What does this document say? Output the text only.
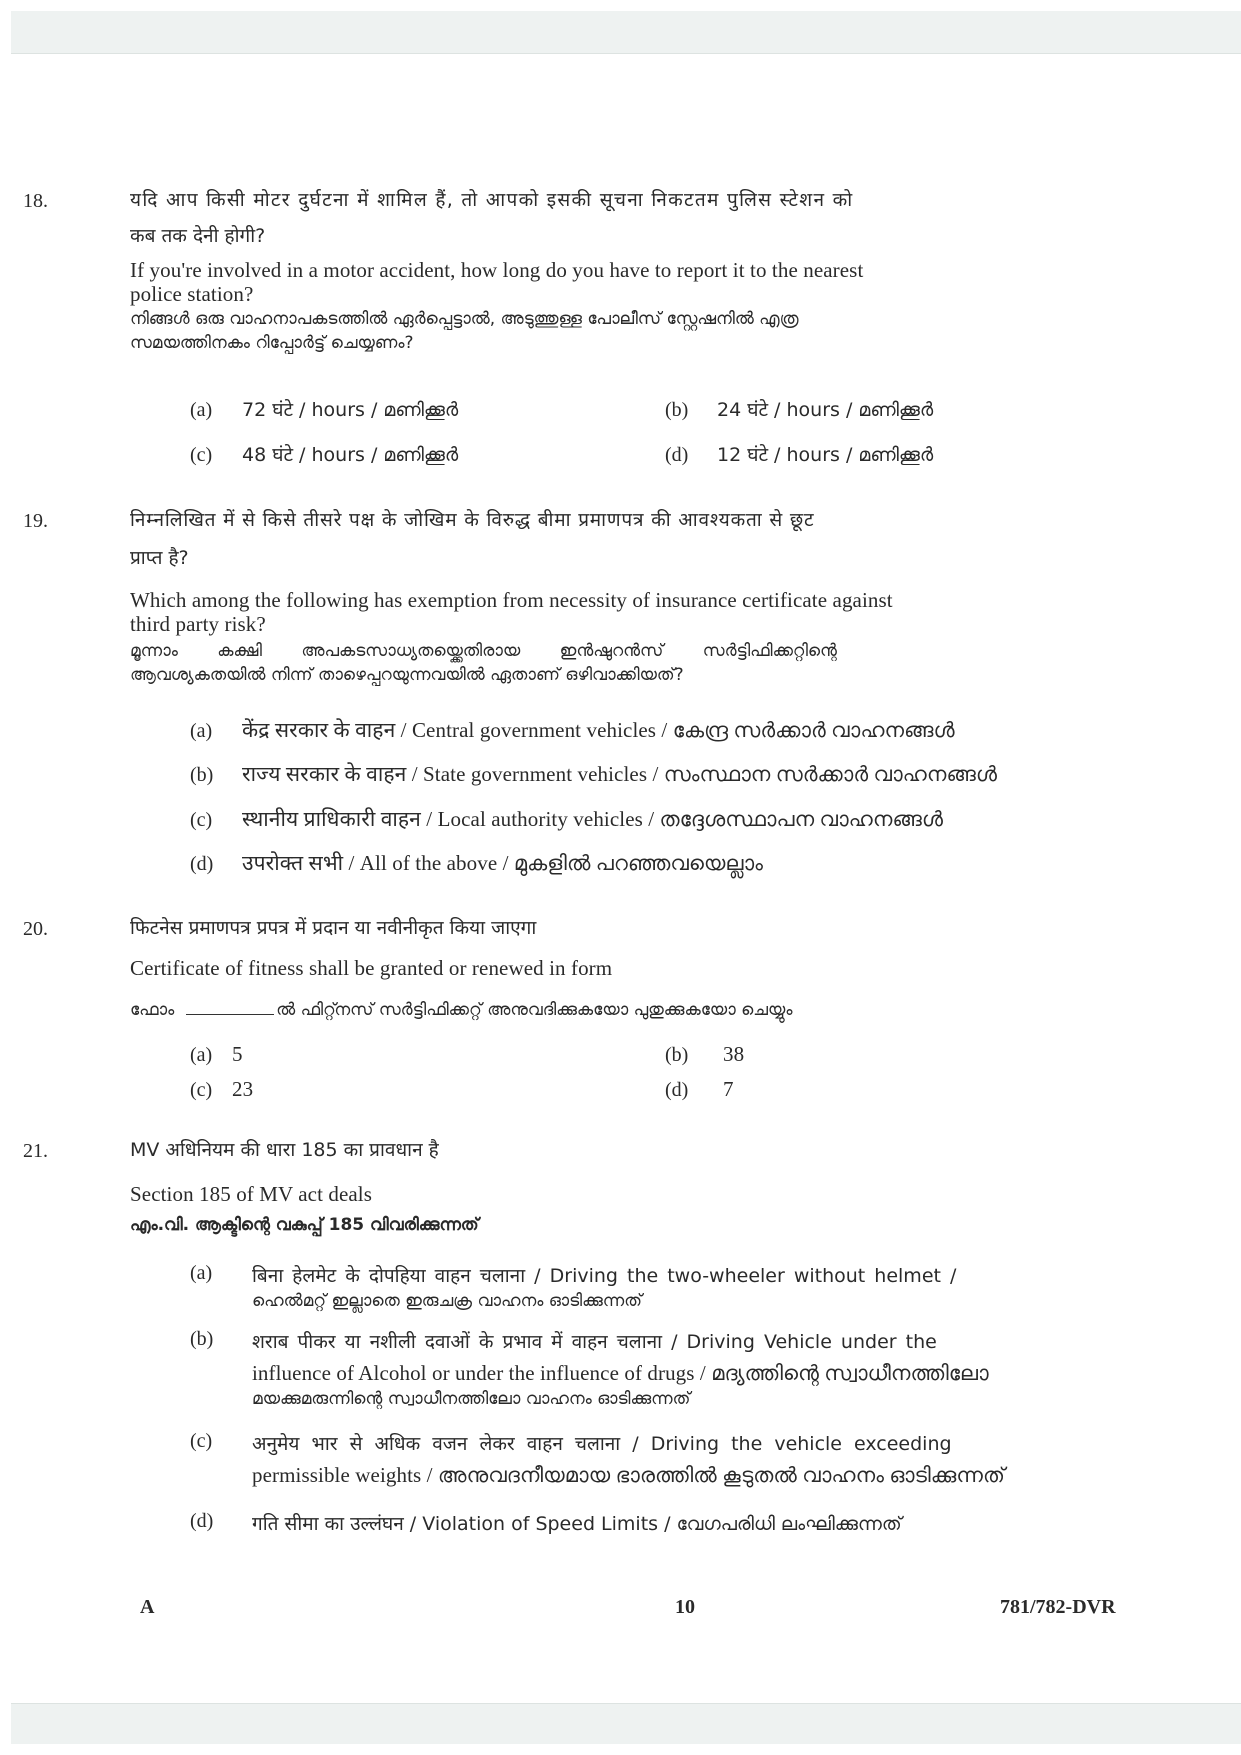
18.	यदि आप किसी मोटर दुर्घटना में शामिल हैं, तो आपको इसकी सूचना निकटतम पुलिस स्टेशन को
कब तक देनी होगी?
If you're involved in a motor accident, how long do you have to report it to the nearest
police station?
നിങ്ങൾ ഒരു വാഹനാപകടത്തിൽ ഏർപ്പെട്ടാൽ, അടുത്തുള്ള പോലീസ് സ്റ്റേഷനിൽ എത്ര
സമയത്തിനകം റിപ്പോർട്ട് ചെയ്യണം?
(a) 72 घंटे / hours / മണിക്കൂർ	(b) 24 घंटे / hours / മണിക്കൂർ
(c) 48 घंटे / hours / മണിക്കൂർ	(d) 12 घंटे / hours / മണിക്കൂർ
19.	निम्नलिखित में से किसे तीसरे पक्ष के जोखिम के विरुद्ध बीमा प्रमाणपत्र की आवश्यकता से छूट
प्राप्त है?
Which among the following has exemption from necessity of insurance certificate against
third party risk?
മൂന്നാം കക്ഷി അപകടസാധ്യതയ്ക്കെതിരായ ഇൻഷുറൻസ് സർട്ടിഫിക്കറ്റിന്റെ
ആവശ്യകതയിൽ നിന്ന് താഴെപ്പറയുന്നവയിൽ ഏതാണ് ഒഴിവാക്കിയത്?
(a) केंद्र सरकार के वाहन / Central government vehicles / കേന്ദ്ര സർക്കാർ വാഹനങ്ങൾ
(b) राज्य सरकार के वाहन / State government vehicles / സംസ്ഥാന സർക്കാർ വാഹനങ്ങൾ
(c) स्थानीय प्राधिकारी वाहन / Local authority vehicles / തദ്ദേശസ്ഥാപന വാഹനങ്ങൾ
(d) उपरोक्त सभी / All of the above / മുകളിൽ പറഞ്ഞവയെല്ലാം
20.	फिटनेस प्रमाणपत्र प्रपत्र में प्रदान या नवीनीकृत किया जाएगा
Certificate of fitness shall be granted or renewed in form
ഫോം	ൽ ഫിറ്റ്നസ് സർട്ടിഫിക്കറ്റ് അനുവദിക്കുകയോ പുതുക്കുകയോ ചെയ്യും
(a) 5	(b) 38
(c) 23	(d) 7
21.	MV अधिनियम की धारा 185 का प्रावधान है
Section 185 of MV act deals
എം.വി. ആക്ടിന്റെ വകുപ്പ് 185 വിവരിക്കുന്നത്
(a)	बिना हेलमेट के दोपहिया वाहन चलाना / Driving the two-wheeler without helmet /
ഹെൽമറ്റ് ഇല്ലാതെ ഇരുചക്ര വാഹനം ഓടിക്കുന്നത്
(b)	शराब पीकर या नशीली दवाओं के प्रभाव में वाहन चलाना / Driving Vehicle under the
influence of Alcohol or under the influence of drugs / മദ്യത്തിന്റെ സ്വാധീനത്തിലോ
മയക്കുമരുന്നിന്റെ സ്വാധീനത്തിലോ വാഹനം ഓടിക്കുന്നത്
(c)	अनुमेय भार से अधिक वजन लेकर वाहन चलाना / Driving the vehicle exceeding
permissible weights / അനുവദനീയമായ ഭാരത്തിൽ കൂടുതൽ വാഹനം ഓടിക്കുന്നത്
(d)	गति सीमा का उल्लंघन / Violation of Speed Limits / വേഗപരിധി ലംഘിക്കുന്നത്
A	10	781/782-DVR
